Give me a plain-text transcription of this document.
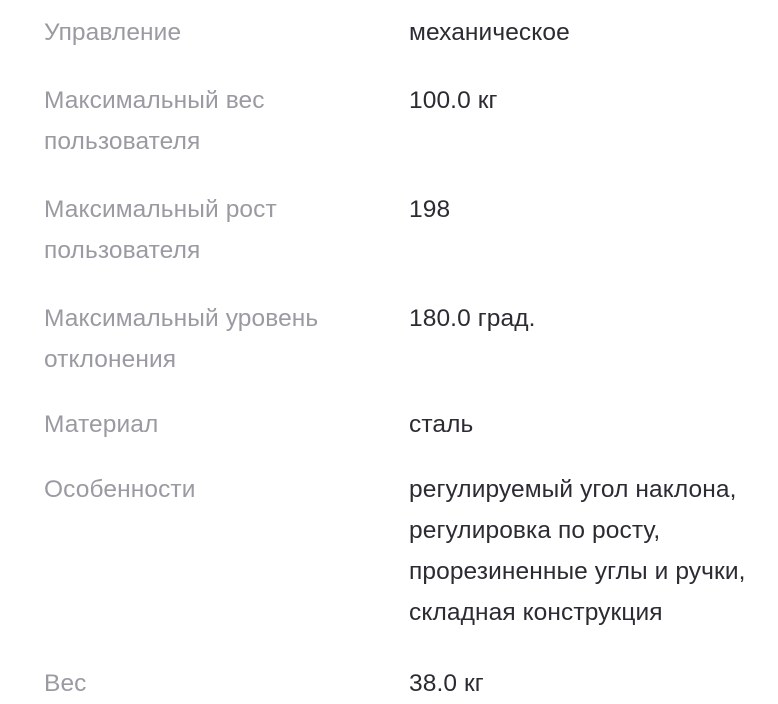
Управление	механическое
Максимальный вес пользователя	100.0 кг
Максимальный рост пользователя	198
Максимальный уровень отклонения	180.0 град.
Материал	сталь
Особенности	регулируемый угол наклона, регулировка по росту, прорезиненные углы и ручки, складная конструкция
Вес	38.0 кг
